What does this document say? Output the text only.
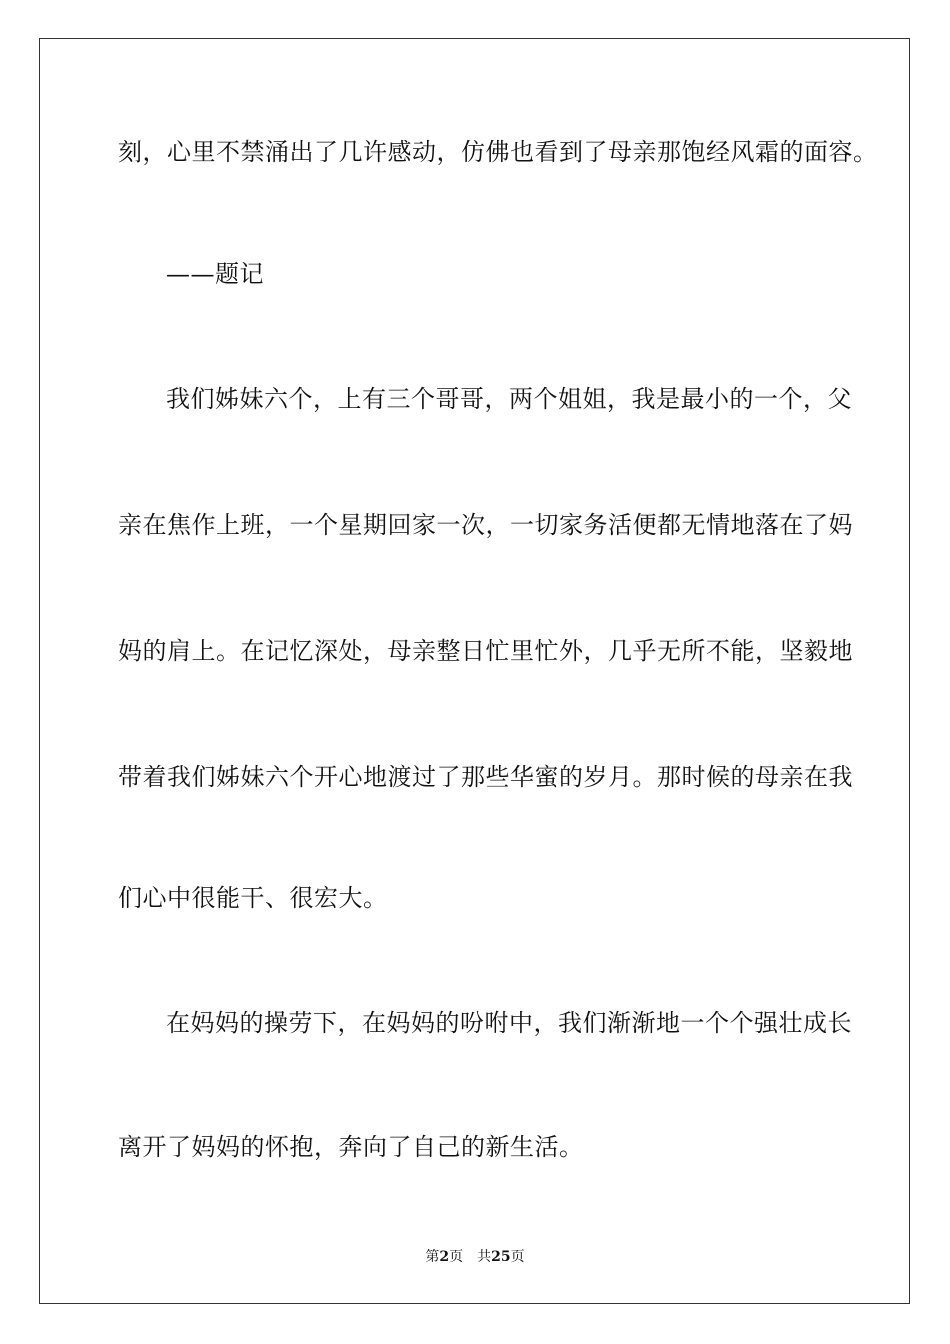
刻，心里不禁涌出了几许感动，仿佛也看到了母亲那饱经风霜的面容。
——题记
我们姊妹六个，上有三个哥哥，两个姐姐，我是最小的一个，父
亲在焦作上班，一个星期回家一次，一切家务活便都无情地落在了妈
妈的肩上。在记忆深处，母亲整日忙里忙外，几乎无所不能，坚毅地
带着我们姊妹六个开心地渡过了那些华蜜的岁月。那时候的母亲在我
们心中很能干、很宏大。
在妈妈的操劳下，在妈妈的吩咐中，我们渐渐地一个个强壮成长
离开了妈妈的怀抱，奔向了自己的新生活。
第2页 共25页
